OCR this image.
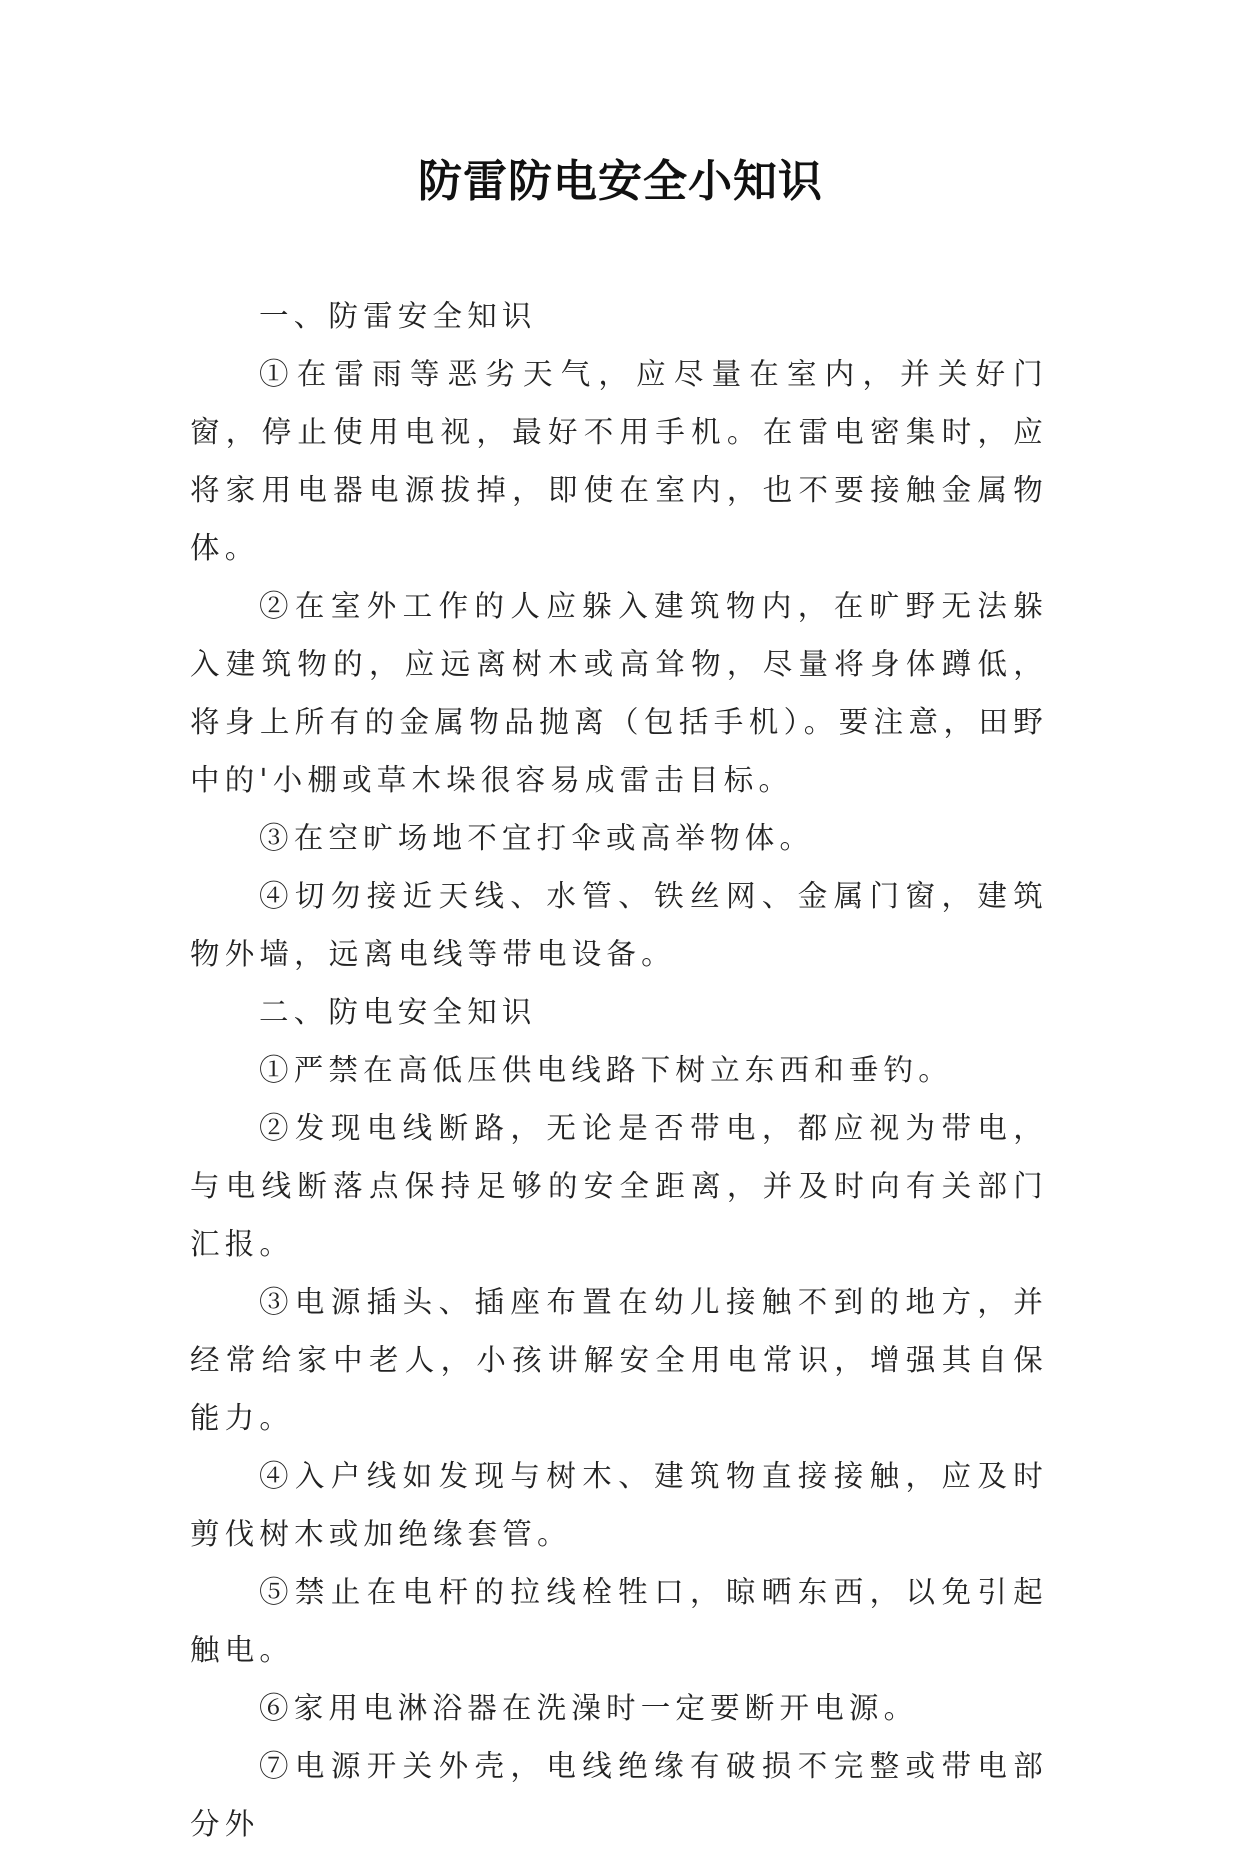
防雷防电安全小知识

一、防雷安全知识

①在雷雨等恶劣天气，应尽量在室内，并关好门窗，停止使用电视，最好不用手机。在雷电密集时，应将家用电器电源拔掉，即使在室内，也不要接触金属物体。

②在室外工作的人应躲入建筑物内，在旷野无法躲入建筑物的，应远离树木或高耸物，尽量将身体蹲低，将身上所有的金属物品抛离（包括手机）。要注意，田野中的'小棚或草木垛很容易成雷击目标。

③在空旷场地不宜打伞或高举物体。

④切勿接近天线、水管、铁丝网、金属门窗，建筑物外墙，远离电线等带电设备。

二、防电安全知识

①严禁在高低压供电线路下树立东西和垂钓。

②发现电线断路，无论是否带电，都应视为带电，与电线断落点保持足够的安全距离，并及时向有关部门汇报。

③电源插头、插座布置在幼儿接触不到的地方，并经常给家中老人，小孩讲解安全用电常识，增强其自保能力。

④入户线如发现与树木、建筑物直接接触，应及时剪伐树木或加绝缘套管。

⑤禁止在电杆的拉线栓牲口，晾晒东西，以免引起触电。

⑥家用电淋浴器在洗澡时一定要断开电源。

⑦电源开关外壳，电线绝缘有破损不完整或带电部分外
